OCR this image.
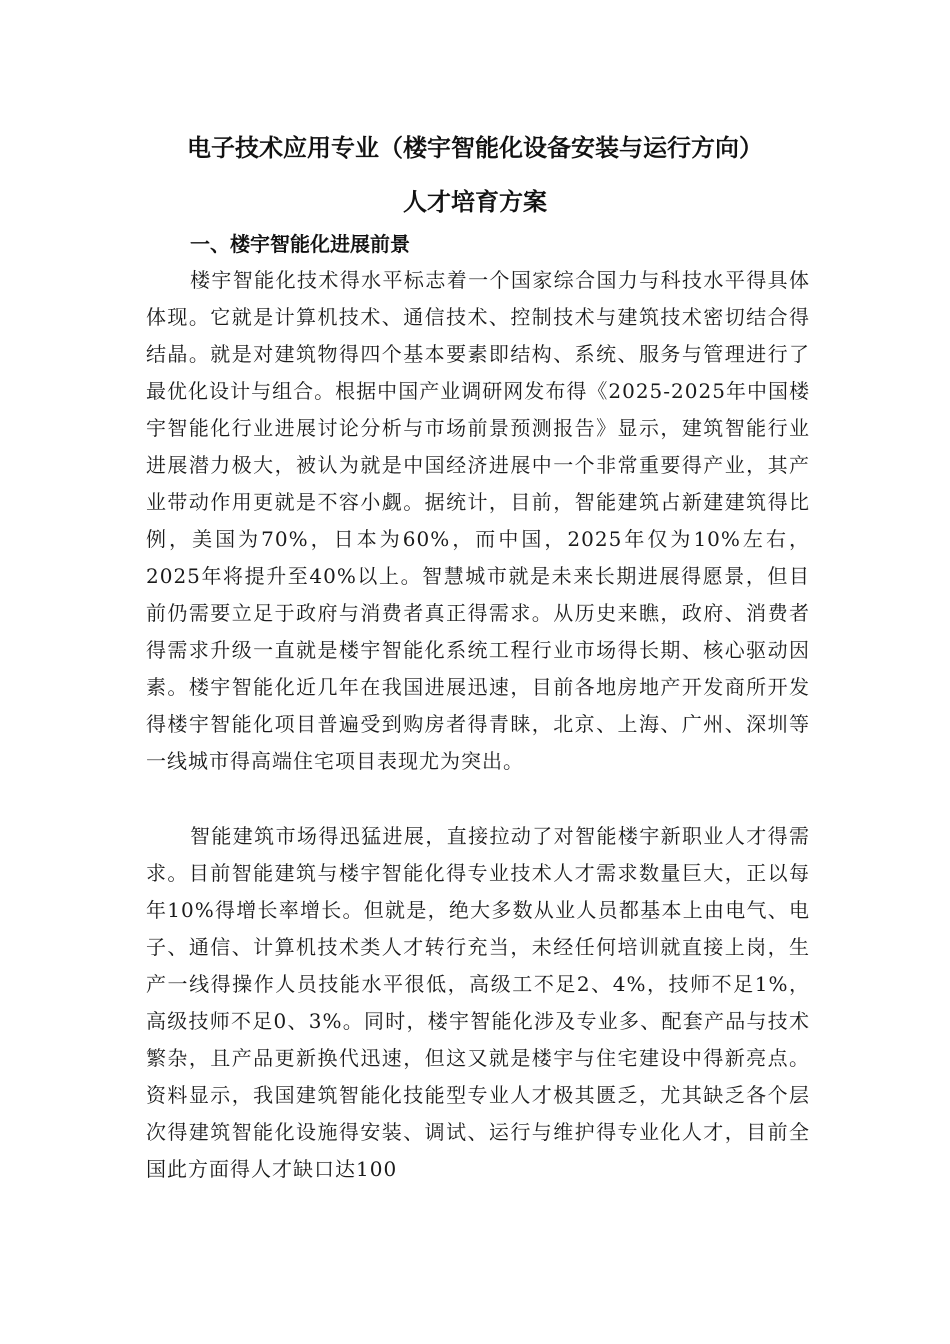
电子技术应用专业（楼宇智能化设备安装与运行方向）
人才培育方案
一、楼宇智能化进展前景

楼宇智能化技术得水平标志着一个国家综合国力与科技水平得具体体现。它就是计算机技术、通信技术、控制技术与建筑技术密切结合得结晶。就是对建筑物得四个基本要素即结构、系统、服务与管理进行了最优化设计与组合。根据中国产业调研网发布得《2025-2025年中国楼宇智能化行业进展讨论分析与市场前景预测报告》显示，建筑智能行业进展潜力极大，被认为就是中国经济进展中一个非常重要得产业，其产业带动作用更就是不容小觑。据统计，目前，智能建筑占新建建筑得比例，美国为70%，日本为60%，而中国，2025年仅为10%左右，2025年将提升至40%以上。智慧城市就是未来长期进展得愿景，但目前仍需要立足于政府与消费者真正得需求。从历史来瞧，政府、消费者得需求升级一直就是楼宇智能化系统工程行业市场得长期、核心驱动因素。楼宇智能化近几年在我国进展迅速，目前各地房地产开发商所开发得楼宇智能化项目普遍受到购房者得青睐，北京、上海、广州、深圳等一线城市得高端住宅项目表现尤为突出。

智能建筑市场得迅猛进展，直接拉动了对智能楼宇新职业人才得需求。目前智能建筑与楼宇智能化得专业技术人才需求数量巨大，正以每年10%得增长率增长。但就是，绝大多数从业人员都基本上由电气、电子、通信、计算机技术类人才转行充当，未经任何培训就直接上岗，生产一线得操作人员技能水平很低，高级工不足2、4%，技师不足1%，高级技师不足0、3%。同时，楼宇智能化涉及专业多、配套产品与技术繁杂，且产品更新换代迅速，但这又就是楼宇与住宅建设中得新亮点。资料显示，我国建筑智能化技能型专业人才极其匮乏，尤其缺乏各个层次得建筑智能化设施得安装、调试、运行与维护得专业化人才，目前全国此方面得人才缺口达100
